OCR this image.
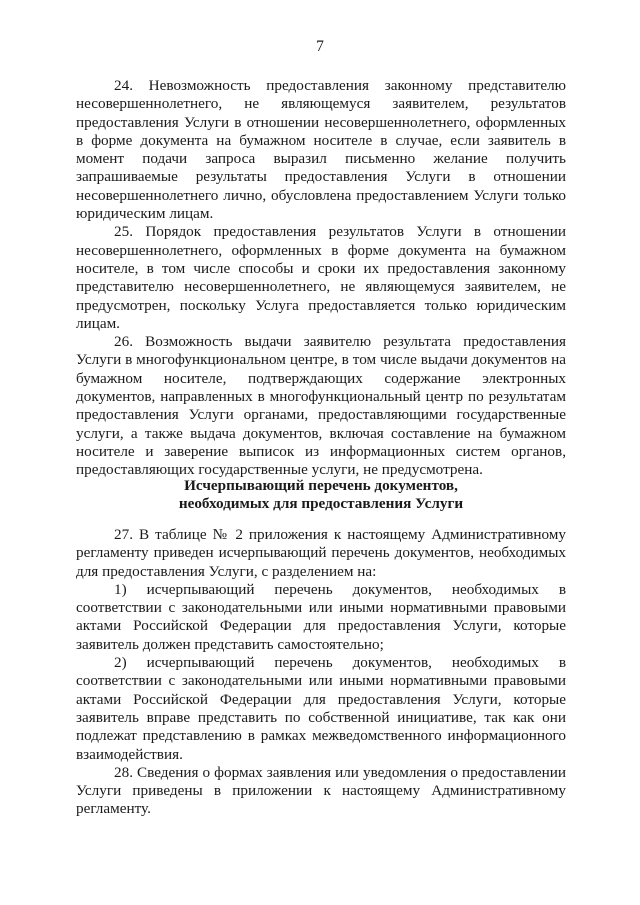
7

24. Невозможность предоставления законному представителю несовершеннолетнего, не являющемуся заявителем, результатов предоставления Услуги в отношении несовершеннолетнего, оформленных в форме документа на бумажном носителе в случае, если заявитель в момент подачи запроса выразил письменно желание получить запрашиваемые результаты предоставления Услуги в отношении несовершеннолетнего лично, обусловлена предоставлением Услуги только юридическим лицам.

25. Порядок предоставления результатов Услуги в отношении несовершеннолетнего, оформленных в форме документа на бумажном носителе, в том числе способы и сроки их предоставления законному представителю несовершеннолетнего, не являющемуся заявителем, не предусмотрен, поскольку Услуга предоставляется только юридическим лицам.

26. Возможность выдачи заявителю результата предоставления Услуги в многофункциональном центре, в том числе выдачи документов на бумажном носителе, подтверждающих содержание электронных документов, направленных в многофункциональный центр по результатам предоставления Услуги органами, предоставляющими государственные услуги, а также выдача документов, включая составление на бумажном носителе и заверение выписок из информационных систем органов, предоставляющих государственные услуги, не предусмотрена.

Исчерпывающий перечень документов,

необходимых для предоставления Услуги

27. В таблице № 2 приложения к настоящему Административному регламенту приведен исчерпывающий перечень документов, необходимых для предоставления Услуги, с разделением на:

1) исчерпывающий перечень документов, необходимых в соответствии с законодательными или иными нормативными правовыми актами Российской Федерации для предоставления Услуги, которые заявитель должен представить самостоятельно;

2) исчерпывающий перечень документов, необходимых в соответствии с законодательными или иными нормативными правовыми актами Российской Федерации для предоставления Услуги, которые заявитель вправе представить по собственной инициативе, так как они подлежат представлению в рамках межведомственного информационного взаимодействия.

28. Сведения о формах заявления или уведомления о предоставлении Услуги приведены в приложении к настоящему Административному регламенту.
